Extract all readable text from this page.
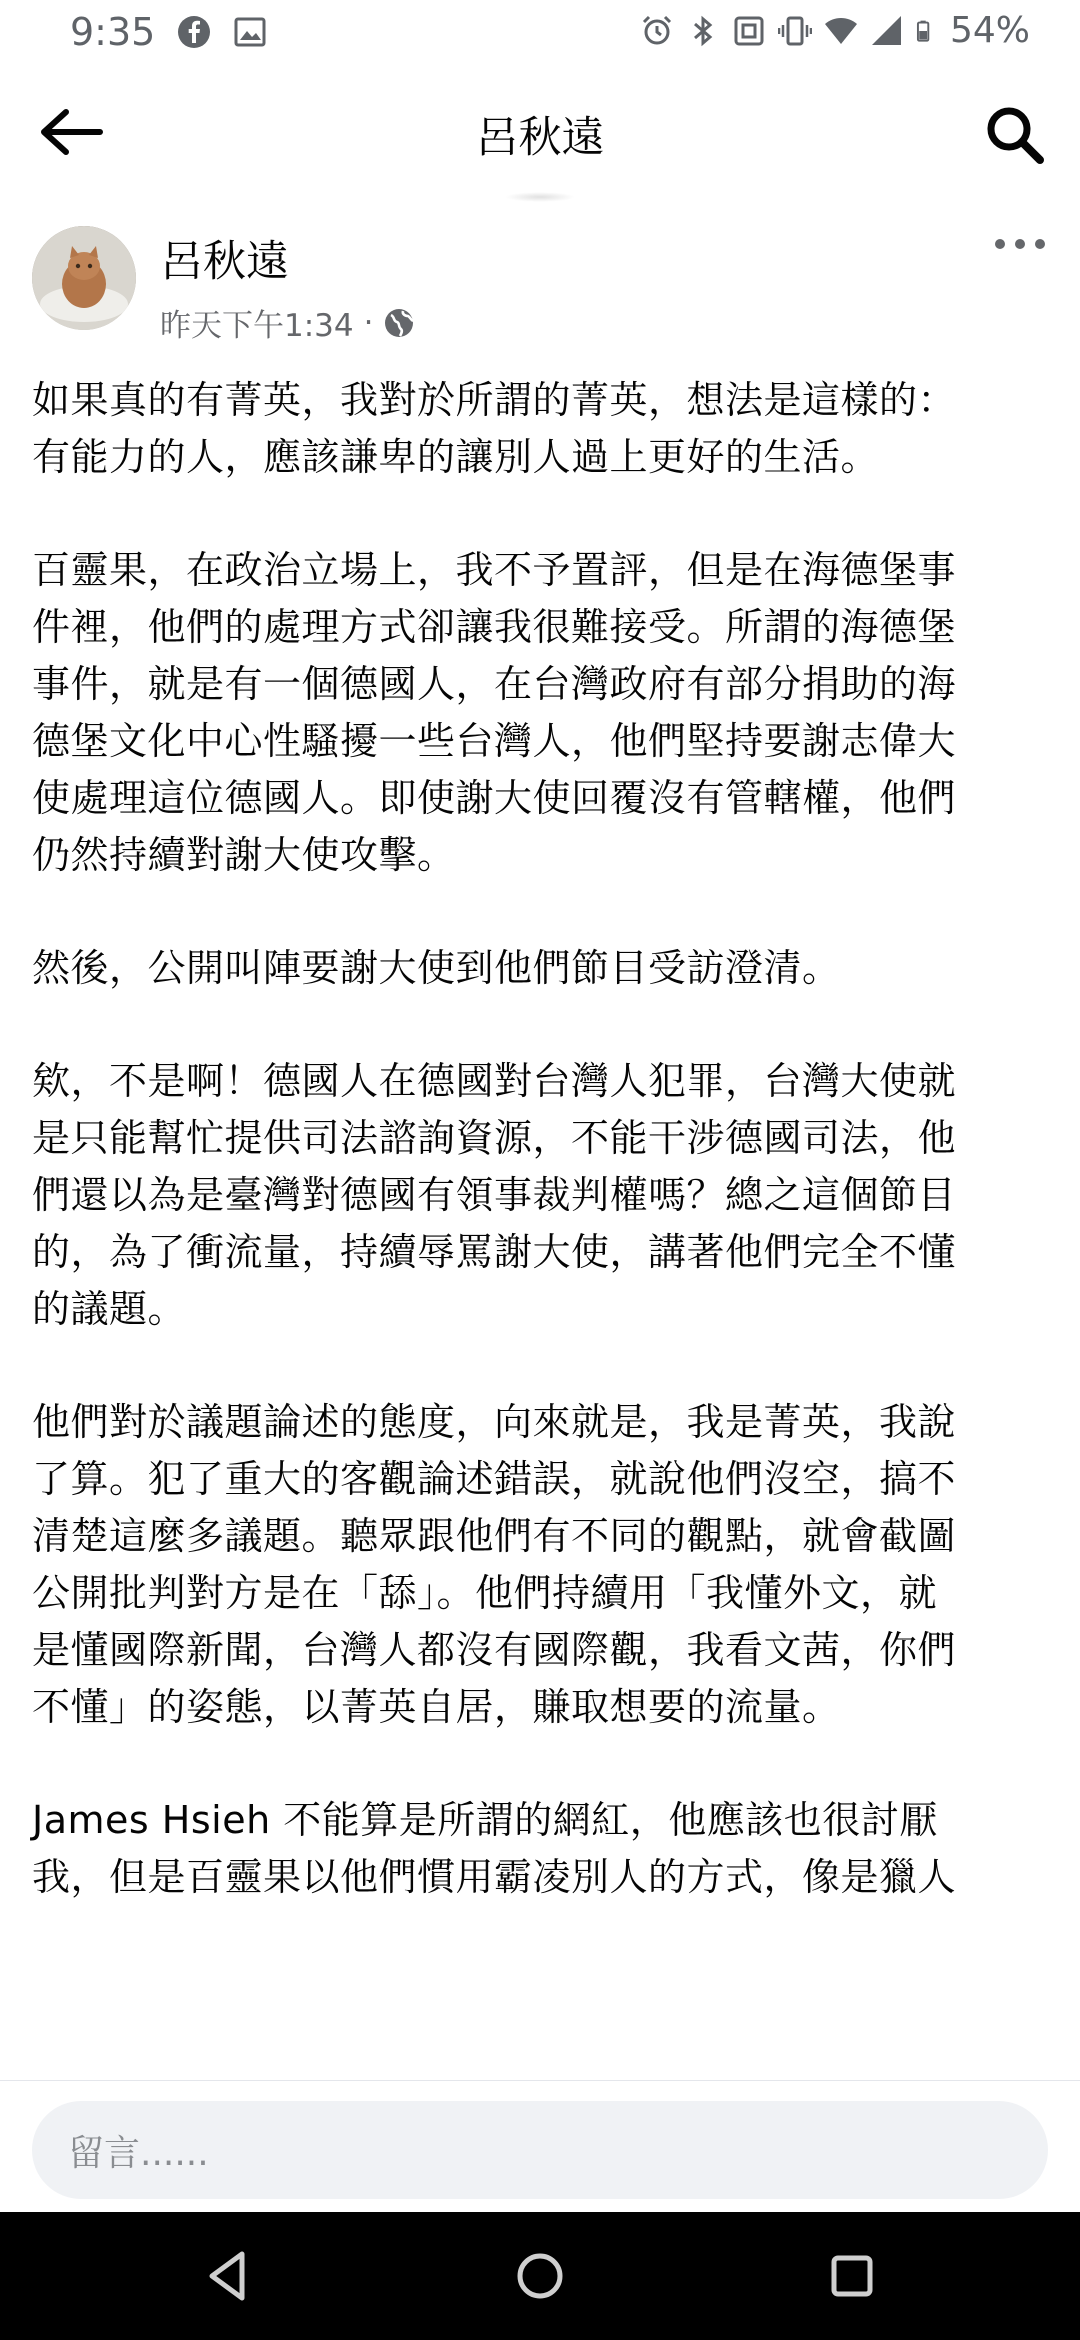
9:35	54%
呂秋遠
呂秋遠
昨天下午1:34 ·

如果真的有菁英，我對於所謂的菁英，想法是這樣的：
有能力的人，應該謙卑的讓別人過上更好的生活。

百靈果，在政治立場上，我不予置評，但是在海德堡事
件裡，他們的處理方式卻讓我很難接受。所謂的海德堡
事件，就是有一個德國人，在台灣政府有部分捐助的海
德堡文化中心性騷擾一些台灣人，他們堅持要謝志偉大
使處理這位德國人。即使謝大使回覆沒有管轄權，他們
仍然持續對謝大使攻擊。

然後，公開叫陣要謝大使到他們節目受訪澄清。

欸，不是啊！德國人在德國對台灣人犯罪，台灣大使就
是只能幫忙提供司法諮詢資源，不能干涉德國司法，他
們還以為是臺灣對德國有領事裁判權嗎？總之這個節目
的，為了衝流量，持續辱罵謝大使，講著他們完全不懂
的議題。

他們對於議題論述的態度，向來就是，我是菁英，我說
了算。犯了重大的客觀論述錯誤，就說他們沒空，搞不
清楚這麼多議題。聽眾跟他們有不同的觀點，就會截圖
公開批判對方是在「舔」。他們持續用「我懂外文，就
是懂國際新聞，台灣人都沒有國際觀，我看文茜，你們
不懂」的姿態，以菁英自居，賺取想要的流量。

James Hsieh 不能算是所謂的網紅，他應該也很討厭
我，但是百靈果以他們慣用霸凌別人的方式，像是獵人

留言......
